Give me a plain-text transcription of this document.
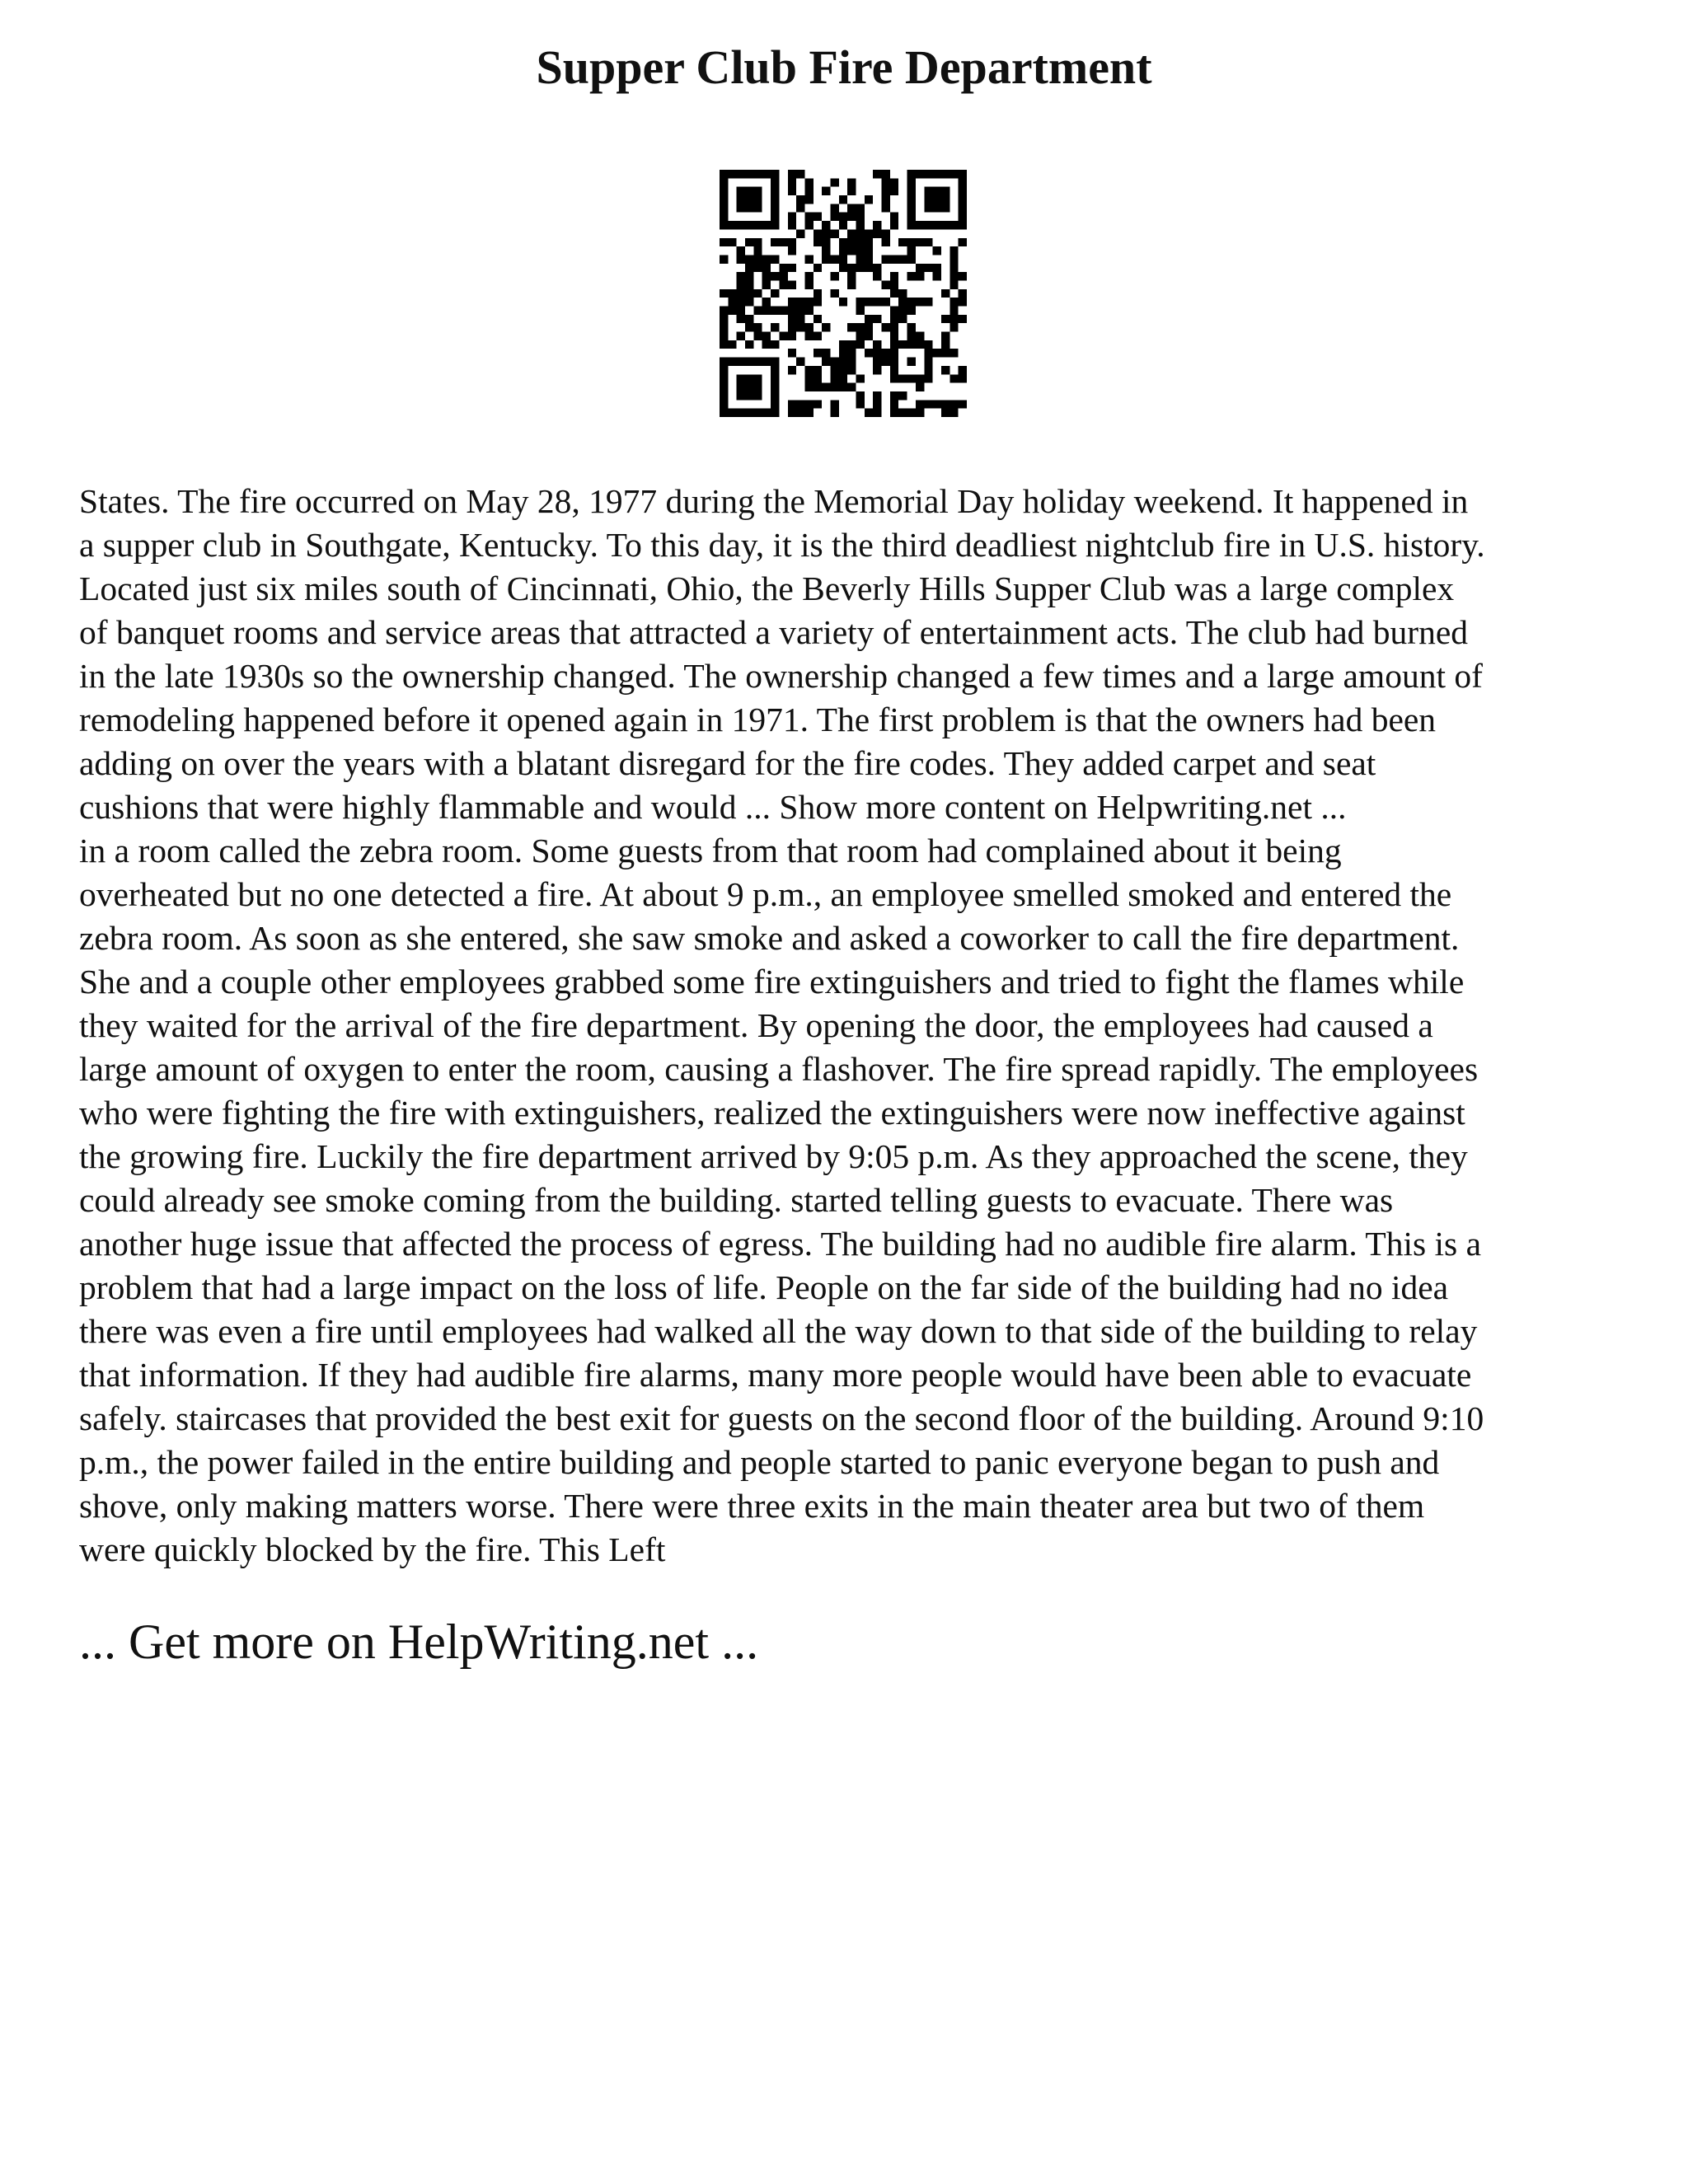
Supper Club Fire Department
States. The fire occurred on May 28, 1977 during the Memorial Day holiday weekend. It happened in
a supper club in Southgate, Kentucky. To this day, it is the third deadliest nightclub fire in U.S. history.
Located just six miles south of Cincinnati, Ohio, the Beverly Hills Supper Club was a large complex
of banquet rooms and service areas that attracted a variety of entertainment acts. The club had burned
in the late 1930s so the ownership changed. The ownership changed a few times and a large amount of
remodeling happened before it opened again in 1971. The first problem is that the owners had been
adding on over the years with a blatant disregard for the fire codes. They added carpet and seat
cushions that were highly flammable and would ... Show more content on Helpwriting.net ...
in a room called the zebra room. Some guests from that room had complained about it being
overheated but no one detected a fire. At about 9 p.m., an employee smelled smoked and entered the
zebra room. As soon as she entered, she saw smoke and asked a coworker to call the fire department.
She and a couple other employees grabbed some fire extinguishers and tried to fight the flames while
they waited for the arrival of the fire department. By opening the door, the employees had caused a
large amount of oxygen to enter the room, causing a flashover. The fire spread rapidly. The employees
who were fighting the fire with extinguishers, realized the extinguishers were now ineffective against
the growing fire. Luckily the fire department arrived by 9:05 p.m. As they approached the scene, they
could already see smoke coming from the building. started telling guests to evacuate. There was
another huge issue that affected the process of egress. The building had no audible fire alarm. This is a
problem that had a large impact on the loss of life. People on the far side of the building had no idea
there was even a fire until employees had walked all the way down to that side of the building to relay
that information. If they had audible fire alarms, many more people would have been able to evacuate
safely. staircases that provided the best exit for guests on the second floor of the building. Around 9:10
p.m., the power failed in the entire building and people started to panic everyone began to push and
shove, only making matters worse. There were three exits in the main theater area but two of them
were quickly blocked by the fire. This Left

... Get more on HelpWriting.net ...
